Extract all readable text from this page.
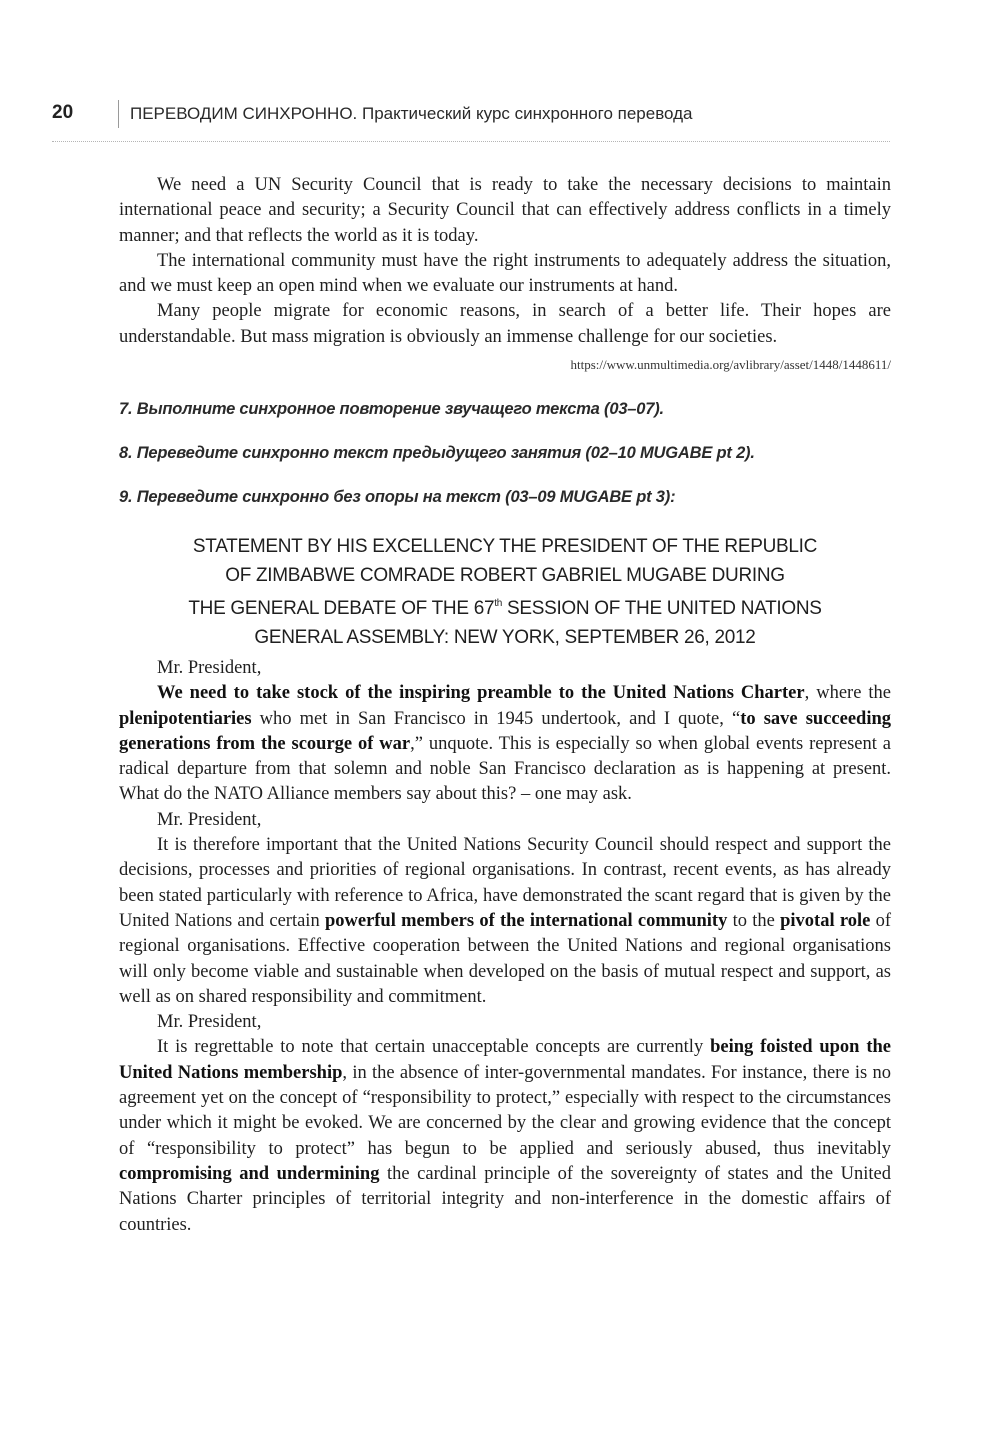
20	ПЕРЕВОДИМ СИНХРОННО. Практический курс синхронного перевода

We need a UN Security Council that is ready to take the necessary decisions to maintain international peace and security; a Security Council that can effectively address conflicts in a timely manner; and that reflects the world as it is today.

The international community must have the right instruments to adequately address the situation, and we must keep an open mind when we evaluate our instruments at hand.

Many people migrate for economic reasons, in search of a better life. Their hopes are understandable. But mass migration is obviously an immense challenge for our societies.

https://www.unmultimedia.org/avlibrary/asset/1448/1448611/
7. Выполните синхронное повторение звучащего текста (03–07).
8. Переведите синхронно текст предыдущего занятия (02–10 MUGABE pt 2).
9. Переведите синхронно без опоры на текст (03–09 MUGABE pt 3):
STATEMENT BY HIS EXCELLENCY THE PRESIDENT OF THE REPUBLIC
OF ZIMBABWE COMRADE ROBERT GABRIEL MUGABE DURING
THE GENERAL DEBATE OF THE 67th SESSION OF THE UNITED NATIONS
GENERAL ASSEMBLY: NEW YORK, SEPTEMBER 26, 2012

Mr. President,

We need to take stock of the inspiring preamble to the United Nations Charter, where the plenipotentiaries who met in San Francisco in 1945 undertook, and I quote, “to save succeeding generations from the scourge of war,” unquote. This is especially so when global events represent a radical departure from that solemn and noble San Francisco declaration as is happening at present. What do the NATO Alliance members say about this? – one may ask.

Mr. President,

It is therefore important that the United Nations Security Council should respect and support the decisions, processes and priorities of regional organisations. In contrast, recent events, as has already been stated particularly with reference to Africa, have demonstrated the scant regard that is given by the United Nations and certain powerful members of the international community to the pivotal role of regional organisations. Effective cooperation between the United Nations and regional organisations will only become viable and sustainable when developed on the basis of mutual respect and support, as well as on shared responsibility and commitment.

Mr. President,

It is regrettable to note that certain unacceptable concepts are currently being foisted upon the United Nations membership, in the absence of inter-governmental mandates. For instance, there is no agreement yet on the concept of “responsibility to protect,” especially with respect to the circumstances under which it might be evoked. We are concerned by the clear and growing evidence that the concept of “responsibility to protect” has begun to be applied and seriously abused, thus inevitably compromising and undermining the cardinal principle of the sovereignty of states and the United Nations Charter principles of territorial integrity and non-interference in the domestic affairs of countries.
